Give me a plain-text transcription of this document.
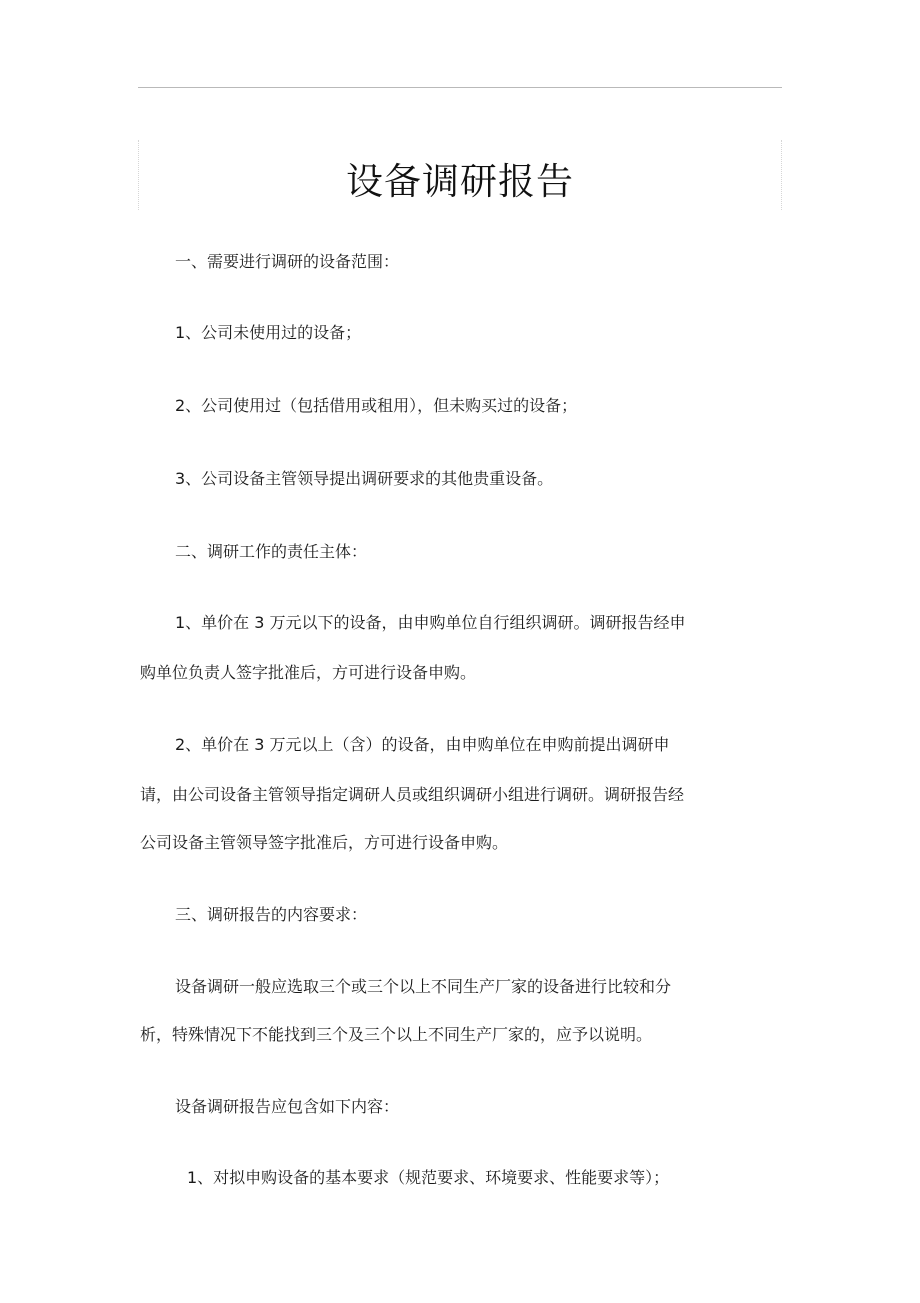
设备调研报告

一、需要进行调研的设备范围：

1、公司未使用过的设备；

2、公司使用过（包括借用或租用），但未购买过的设备；

3、公司设备主管领导提出调研要求的其他贵重设备。

二、调研工作的责任主体：

1、单价在 3 万元以下的设备，由申购单位自行组织调研。调研报告经申

购单位负责人签字批准后，方可进行设备申购。

2、单价在 3 万元以上（含）的设备，由申购单位在申购前提出调研申

请，由公司设备主管领导指定调研人员或组织调研小组进行调研。调研报告经

公司设备主管领导签字批准后，方可进行设备申购。

三、调研报告的内容要求：

设备调研一般应选取三个或三个以上不同生产厂家的设备进行比较和分

析，特殊情况下不能找到三个及三个以上不同生产厂家的，应予以说明。

设备调研报告应包含如下内容：

1、对拟申购设备的基本要求（规范要求、环境要求、性能要求等）；
